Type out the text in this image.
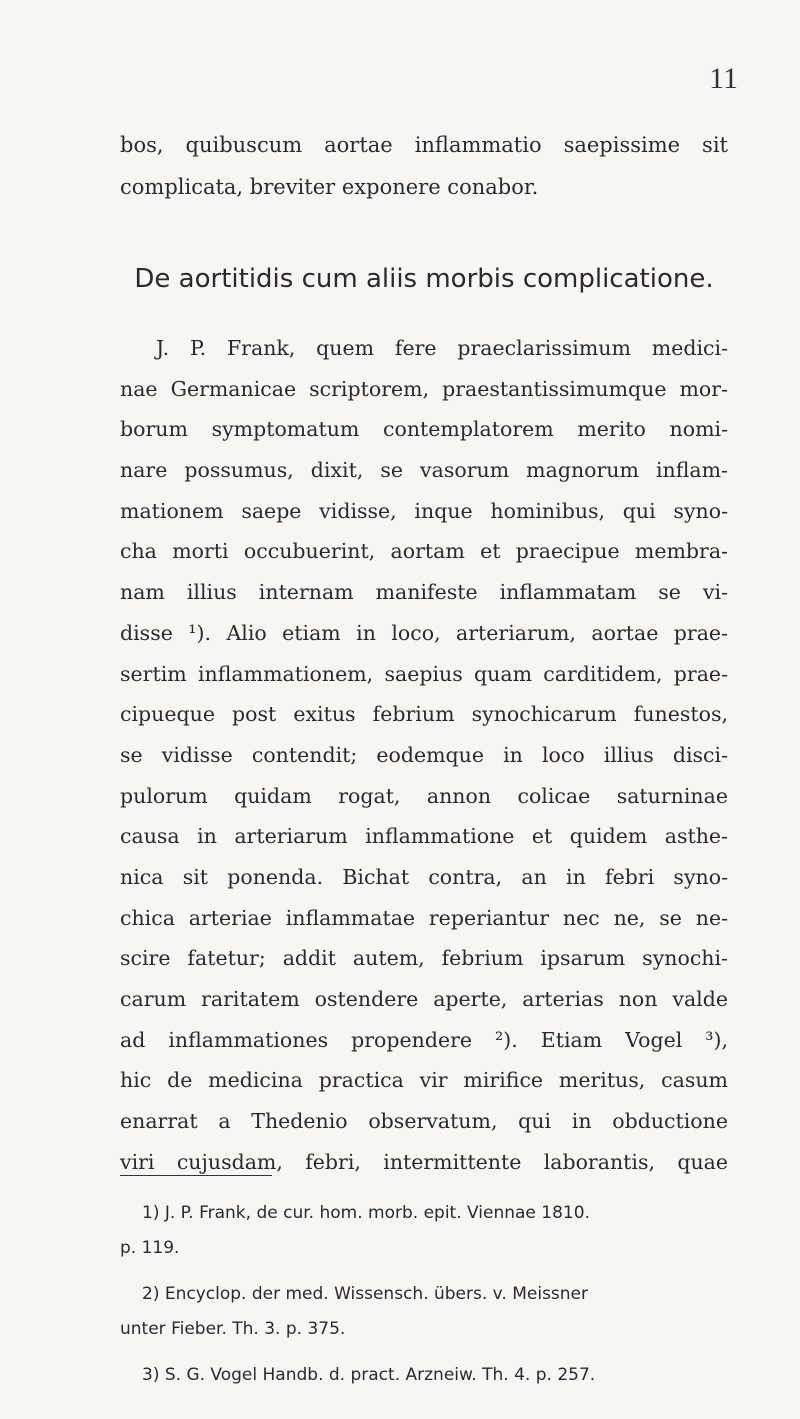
11
bos, quibuscum aortae inflammatio saepissime sit
complicata, breviter exponere conabor.
De aortitidis cum aliis morbis complicatione.
J. P. Frank, quem fere praeclarissimum medici-
nae Germanicae scriptorem, praestantissimumque mor-
borum symptomatum contemplatorem merito nomi-
nare possumus, dixit, se vasorum magnorum inflam-
mationem saepe vidisse, inque hominibus, qui syno-
cha morti occubuerint, aortam et praecipue membra-
nam illius internam manifeste inflammatam se vi-
disse ¹). Alio etiam in loco, arteriarum, aortae prae-
sertim inflammationem, saepius quam carditidem, prae-
cipueque post exitus febrium synochicarum funestos,
se vidisse contendit; eodemque in loco illius disci-
pulorum quidam rogat, annon colicae saturninae
causa in arteriarum inflammatione et quidem asthe-
nica sit ponenda. Bichat contra, an in febri syno-
chica arteriae inflammatae reperiantur nec ne, se ne-
scire fatetur; addit autem, febrium ipsarum synochi-
carum raritatem ostendere aperte, arterias non valde
ad inflammationes propendere ²). Etiam Vogel ³),
hic de medicina practica vir mirifice meritus, casum
enarrat a Thedenio observatum, qui in obductione
viri cujusdam, febri, intermittente laborantis, quae
1) J. P. Frank, de cur. hom. morb. epit. Viennae 1810.
p. 119.
2) Encyclop. der med. Wissensch. übers. v. Meissner
unter Fieber. Th. 3. p. 375.
3) S. G. Vogel Handb. d. pract. Arzneiw. Th. 4. p. 257.
